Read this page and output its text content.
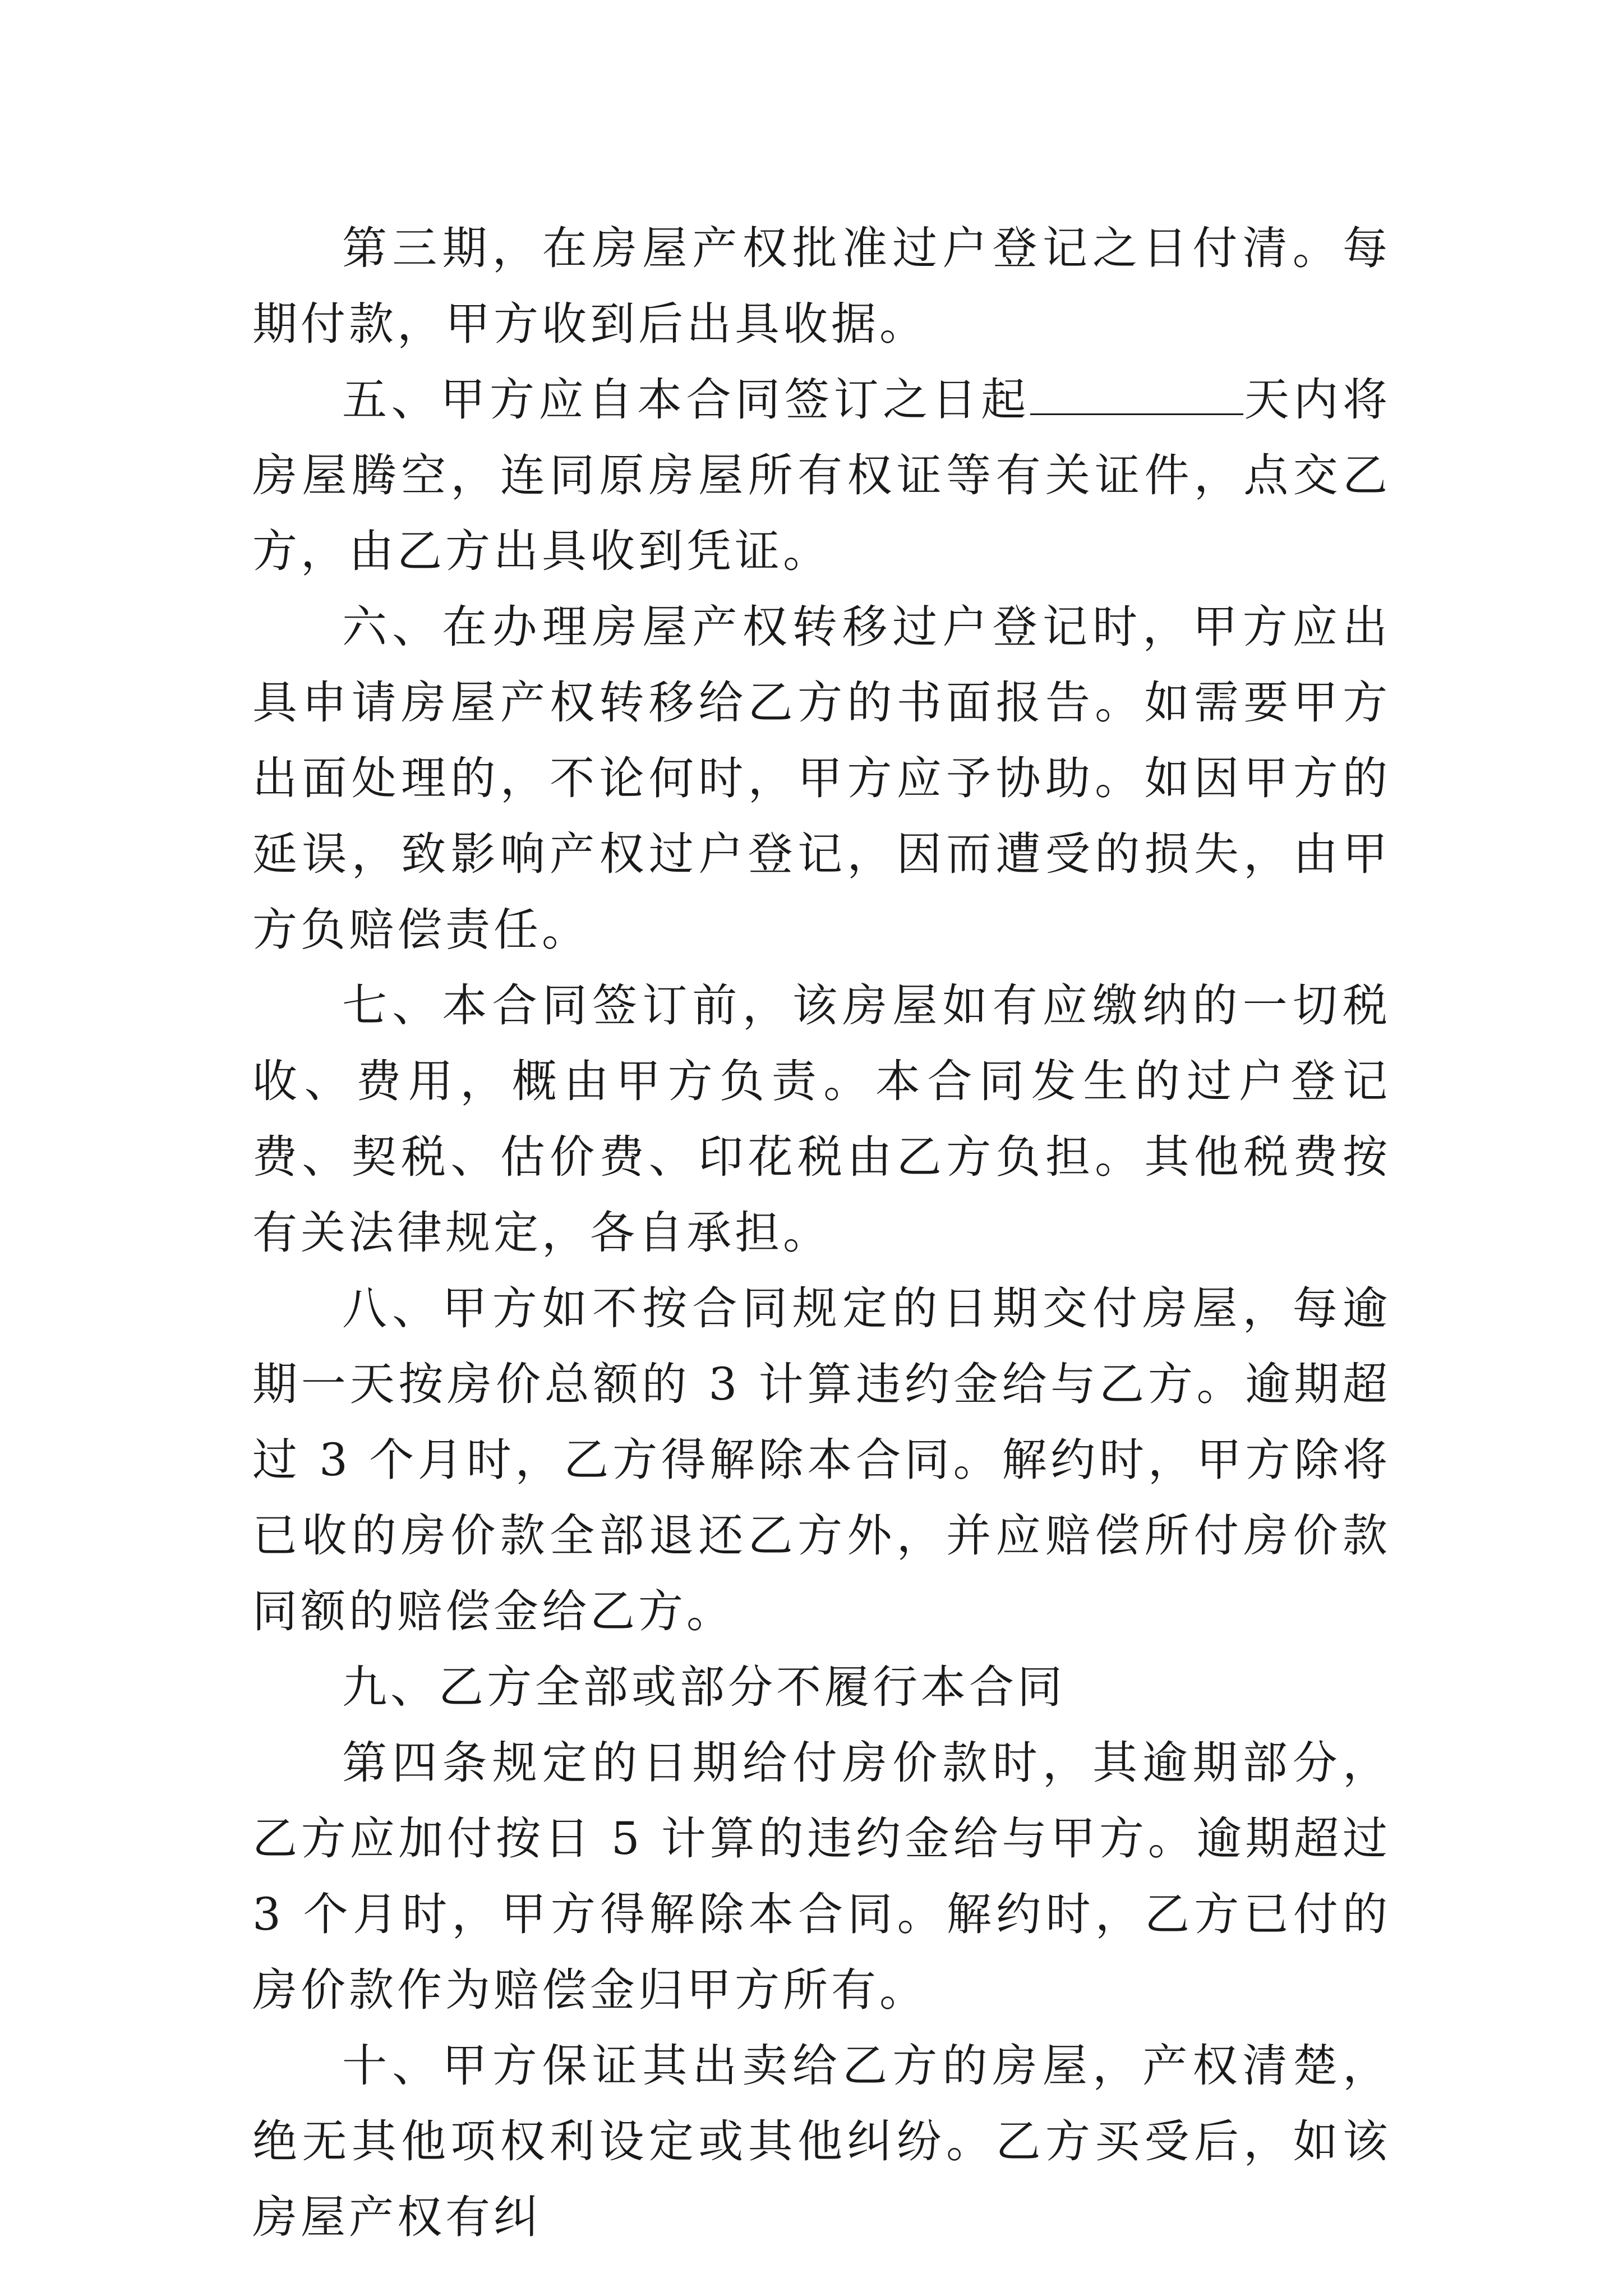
第三期，在房屋产权批准过户登记之日付清。每期付款，甲方收到后出具收据。

五、甲方应自本合同签订之日起	天内将房屋腾空，连同原房屋所有权证等有关证件，点交乙方，由乙方出具收到凭证。

六、在办理房屋产权转移过户登记时，甲方应出具申请房屋产权转移给乙方的书面报告。如需要甲方出面处理的，不论何时，甲方应予协助。如因甲方的延误，致影响产权过户登记，因而遭受的损失，由甲方负赔偿责任。

七、本合同签订前，该房屋如有应缴纳的一切税收、费用，概由甲方负责。本合同发生的过户登记费、契税、估价费、印花税由乙方负担。其他税费按有关法律规定，各自承担。

八、甲方如不按合同规定的日期交付房屋，每逾期一天按房价总额的 3 计算违约金给与乙方。逾期超过 3 个月时，乙方得解除本合同。解约时，甲方除将已收的房价款全部退还乙方外，并应赔偿所付房价款同额的赔偿金给乙方。

九、乙方全部或部分不履行本合同

第四条规定的日期给付房价款时，其逾期部分，乙方应加付按日 5 计算的违约金给与甲方。逾期超过 3 个月时，甲方得解除本合同。解约时，乙方已付的房价款作为赔偿金归甲方所有。

十、甲方保证其出卖给乙方的房屋，产权清楚，绝无其他项权利设定或其他纠纷。乙方买受后，如该房屋产权有纠
